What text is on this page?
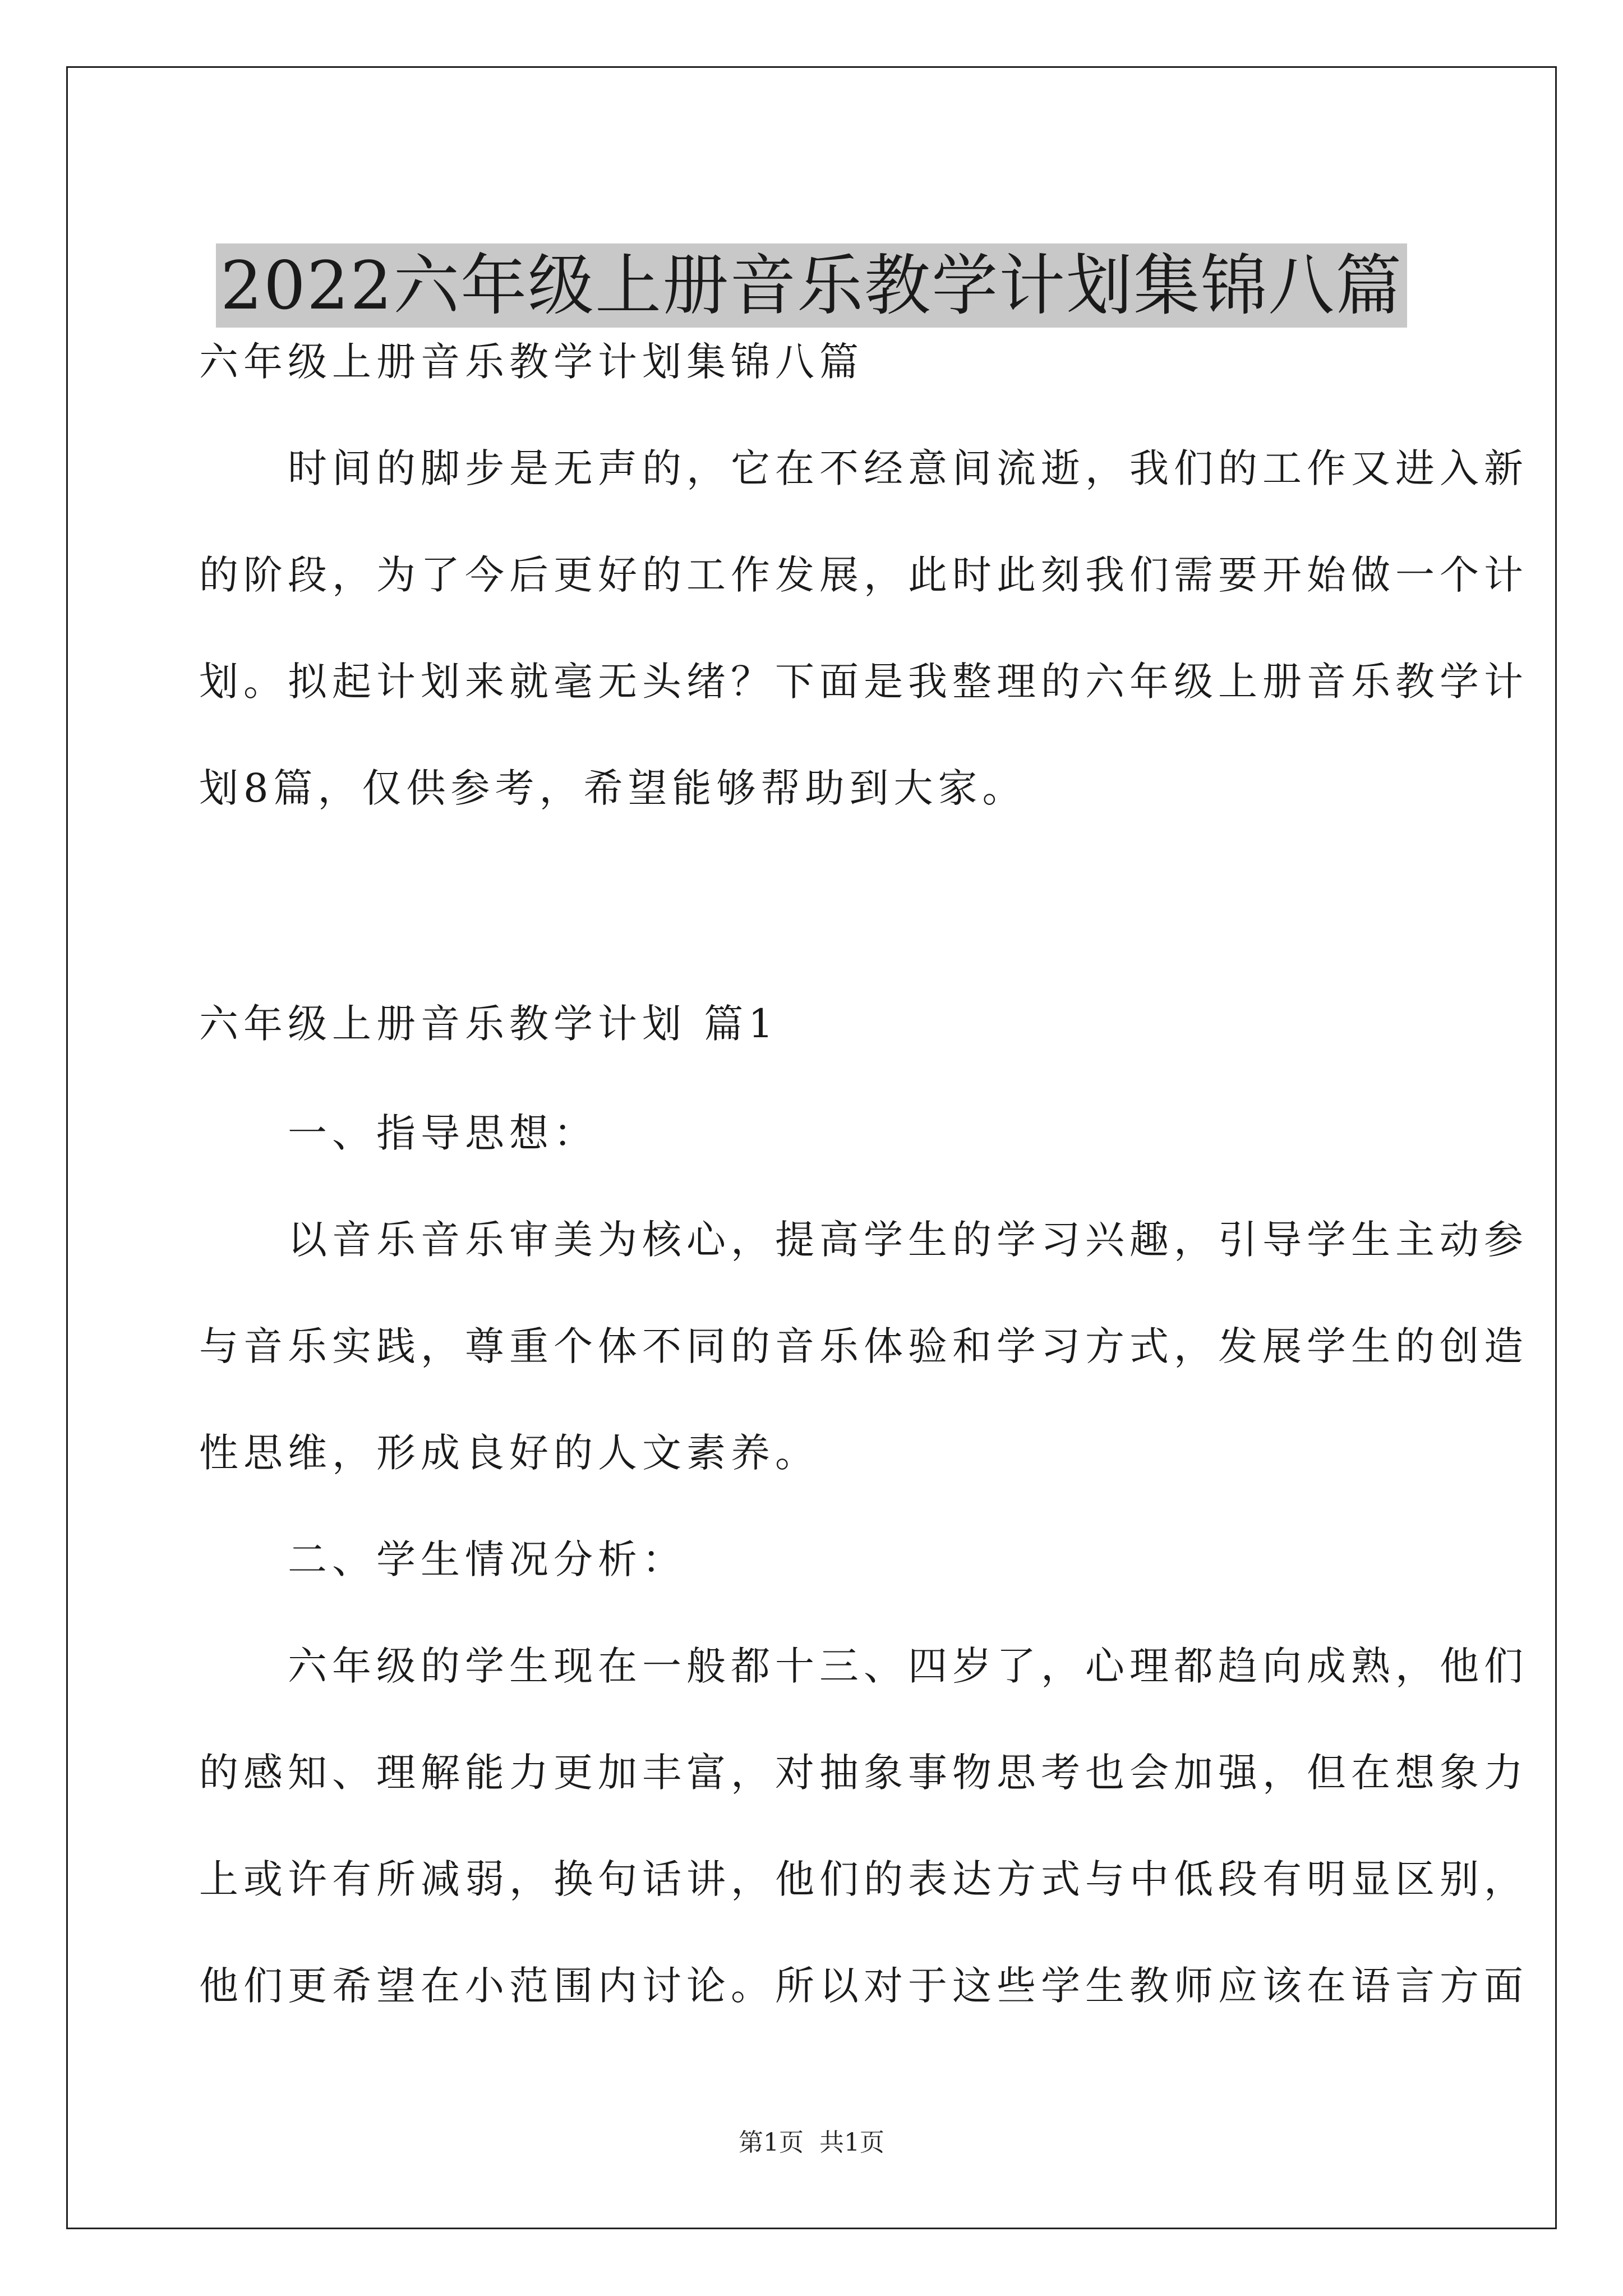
2022六年级上册音乐教学计划集锦八篇
六年级上册音乐教学计划集锦八篇
　　时间的脚步是无声的，它在不经意间流逝，我们的工作又进入新
的阶段，为了今后更好的工作发展，此时此刻我们需要开始做一个计
划。拟起计划来就毫无头绪？下面是我整理的六年级上册音乐教学计
划8篇，仅供参考，希望能够帮助到大家。
六年级上册音乐教学计划 篇1
　　一、指导思想：
　　以音乐音乐审美为核心，提高学生的学习兴趣，引导学生主动参
与音乐实践，尊重个体不同的音乐体验和学习方式，发展学生的创造
性思维，形成良好的人文素养。
　　二、学生情况分析：
　　六年级的学生现在一般都十三、四岁了，心理都趋向成熟，他们
的感知、理解能力更加丰富，对抽象事物思考也会加强，但在想象力
上或许有所减弱，换句话讲，他们的表达方式与中低段有明显区别，
他们更希望在小范围内讨论。所以对于这些学生教师应该在语言方面
第1页 共1页
